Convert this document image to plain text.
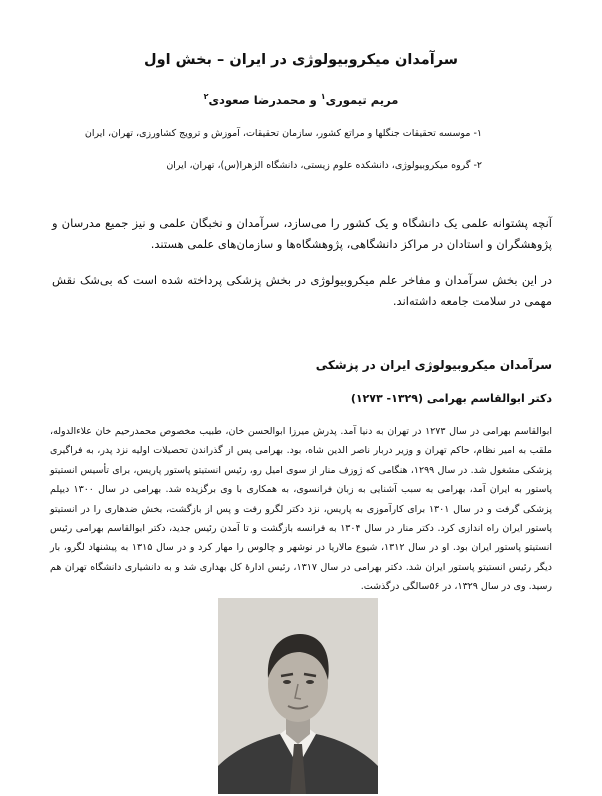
سرآمدان میکروبیولوژی در ایران – بخش اول

مریم تیموری$^۱$ و محمدرضا صعودی$^۲$

۱- موسسه تحقیقات جنگلها و مراتع کشور، سازمان تحقیقات، آموزش و ترویج کشاورزی، تهران، ایران

۲- گروه میکروبیولوژی، دانشکده علوم زیستی، دانشگاه الزهرا(س)، تهران، ایران

آنچه پشتوانه علمی یک دانشگاه و یک کشور را می‌سازد، سرآمدان و نخبگان علمی و نیز جمیع مدرسان و پژوهشگران و استادان در مراکز دانشگاهی، پژوهشگاه‌ها و سازمان‌های علمی هستند.

در این بخش سرآمدان و مفاخر علم میکروبیولوژی در بخش پزشکی پرداخته شده است که بی‌شک نقش مهمی در سلامت جامعه داشته‌اند.

سرآمدان میکروبیولوژی ایران در پزشکی
دکتر ابوالقاسم بهرامی (۱۳۲۹- ۱۲۷۳)

ابوالقاسم بهرامی در سال ۱۲۷۳ در تهران به دنیا آمد. پدرش میرزا ابوالحسن خان، طبیب مخصوص محمدرحیم خان علاءالدوله، ملقب به امیر نظام، حاکم تهران و وزیر دربار ناصر الدین شاه، بود. بهرامی پس از گذراندن تحصیلات اولیه نزد پدر، به فراگیری پزشکی مشغول شد. در سال ۱۲۹۹، هنگامی که ژوزف منار از سوی امیل رو، رئیس انستیتو پاستور پاریس، برای تأسیس انستیتو پاستور به ایران آمد، بهرامی به سبب آشنایی به زبان فرانسوی، به همکاری با وی برگزیده شد. بهرامی در سال ۱۳۰۰ دیپلم پزشکی گرفت و در سال ۱۳۰۱ برای کارآموزی به پاریس، نزد دکتر لگرو رفت و پس از بازگشت، بخش ضدهاری را در انستیتو پاستور ایران راه اندازی کرد. دکتر منار در سال ۱۳۰۴ به فرانسه بازگشت و تا آمدن رئیس جدید، دکتر ابوالقاسم بهرامی رئیس انستیتو پاستور ایران بود. او در سال ۱۳۱۲، شیوع مالاریا در نوشهر و چالوس را مهار کرد و در سال ۱۳۱۵ به پیشنهاد لگرو، بار دیگر رئیس انستیتو پاستور ایران شد. دکتر بهرامی در سال ۱۳۱۷، رئیس ادارهٔ کل بهداری شد و به دانشیاری دانشگاه تهران هم رسید. وی در سال ۱۳۲۹، در ۵۶سالگی درگذشت.
